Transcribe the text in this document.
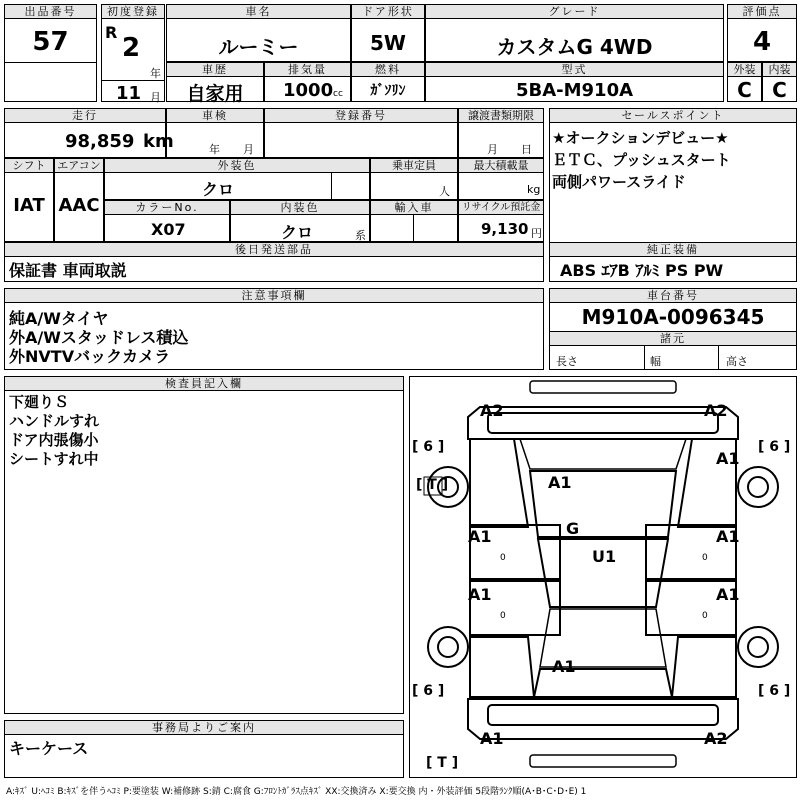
出品番号
57
初度登録
R
2
年
11 月
車名
ルーミー
ドア形状
5W
グレード
カスタムG 4WD
評価点
4
車歴
自家用
排気量
1000 cc
燃料
ｶﾞｿﾘﾝ
型式
5BA-M910A
外装
C
内装
C
走行
98,859 km
車検
年 月
登録番号	譲渡書類期限
月 日
セールスポイント
★オークションデビュー★
ＥＴＣ、プッシュスタート
両側パワースライド
シフト
IAT
エアコン
AAC
外装色
クロ
乗車定員
人
最大積載量
kg
カラーNo.
X07
内装色
クロ	系
輸入車	リサイクル預託金
9,130 円
後日発送部品
保証書 車両取説
純正装備
ABS ｴｱB ｱﾙﾐ PS PW
注意事項欄
純A/Wタイヤ
外A/Wスタッドレス積込
外NVTVバックカメラ
車台番号
M910A-0096345
諸元
長さ	幅	高さ
検査員記入欄
下廻りＳ
ハンドルすれ
ドア内張傷小
シートすれ中
事務局よりご案内
キーケース
A2	A2
A1
A1
G
U1
A1	A1
A1	A1
A1
A1	A2
0	0
0	0
[ 6 ]	[ 6 ]
[ T ]
[ 6 ]	[ 6 ]
[ T ]
A:ｷｽﾞ U:ﾍｺﾐ B:ｷｽﾞを伴うﾍｺﾐ P:要塗装 W:補修跡 S:錆 C:腐食 G:ﾌﾛﾝﾄｶﾞﾗｽ点ｷｽﾞ XX:交換済み X:要交換 内・外装評価 5段階ﾗﾝｸ順(A･B･C･D･E) 1
